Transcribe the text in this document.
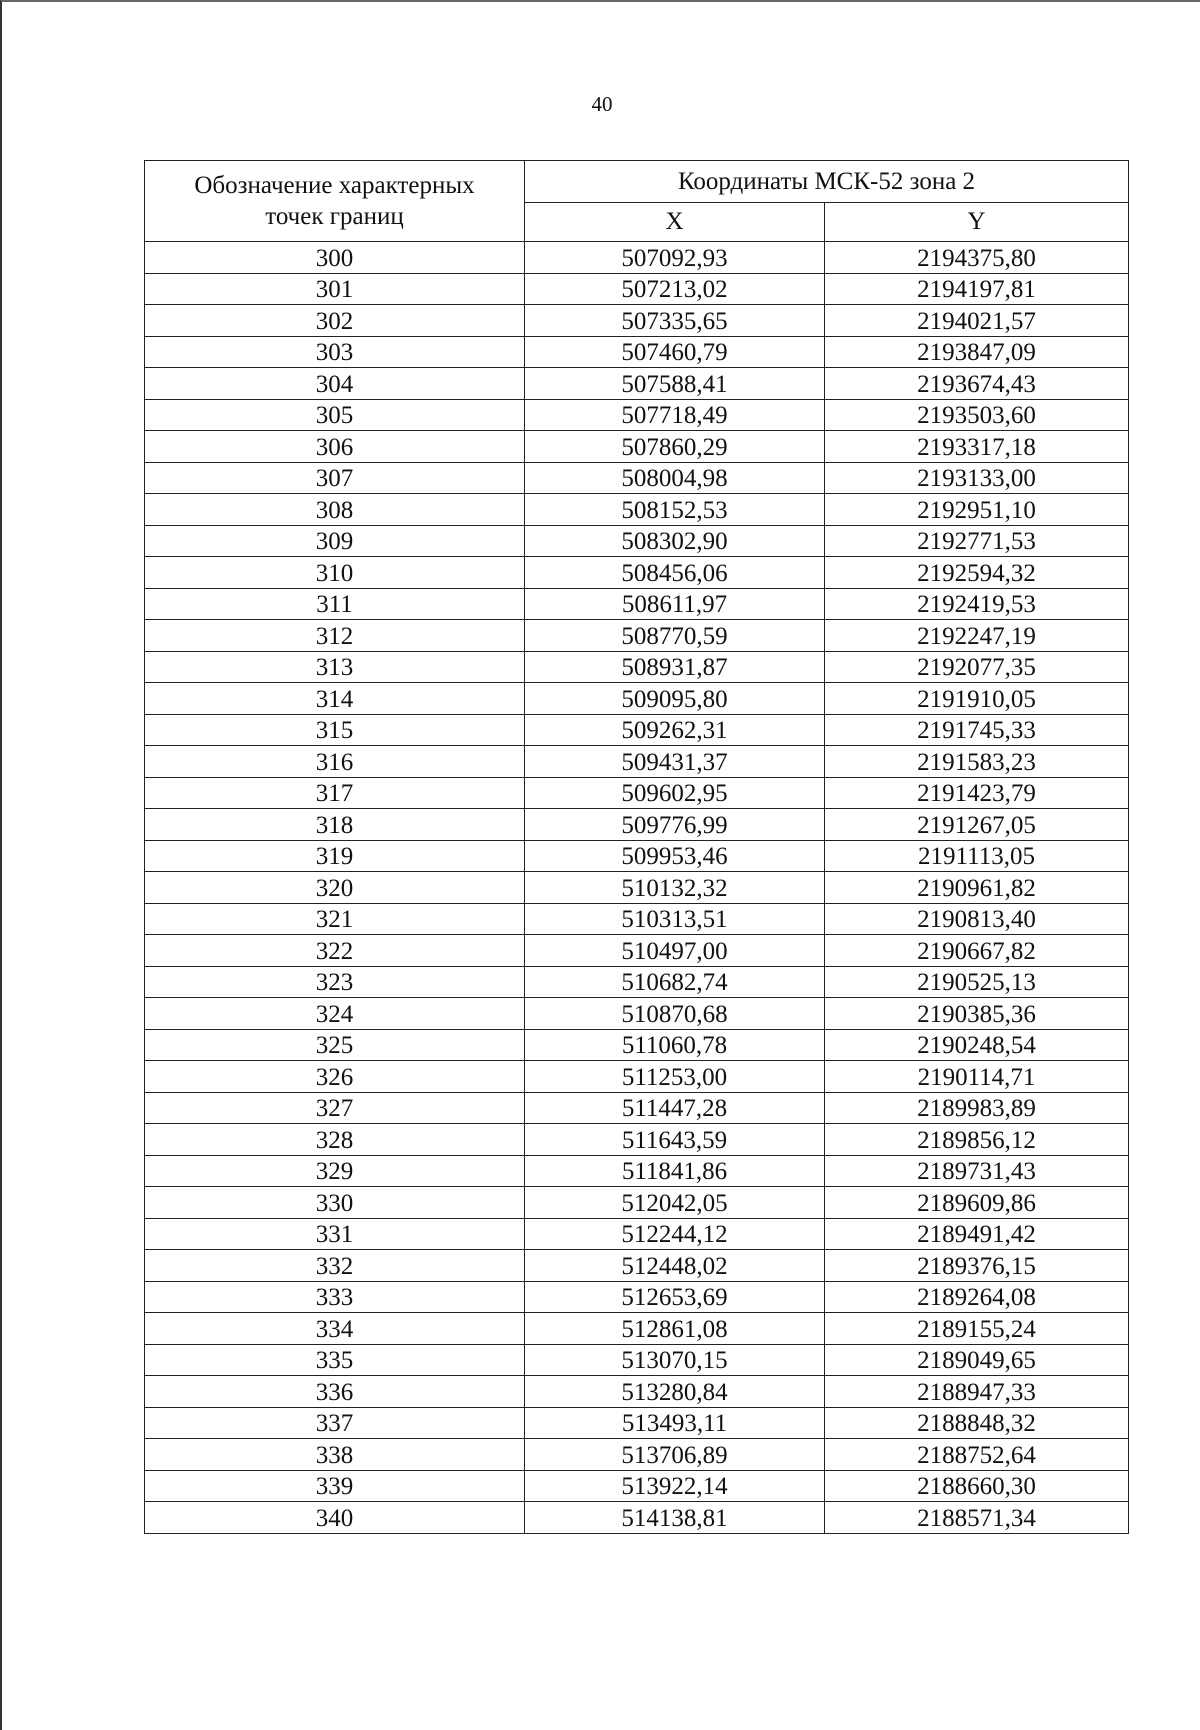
40
Обозначение характерных
точек границ	Координаты МСК-52 зона 2	
	X	Y
300	507092,93	2194375,80
301	507213,02	2194197,81
302	507335,65	2194021,57
303	507460,79	2193847,09
304	507588,41	2193674,43
305	507718,49	2193503,60
306	507860,29	2193317,18
307	508004,98	2193133,00
308	508152,53	2192951,10
309	508302,90	2192771,53
310	508456,06	2192594,32
311	508611,97	2192419,53
312	508770,59	2192247,19
313	508931,87	2192077,35
314	509095,80	2191910,05
315	509262,31	2191745,33
316	509431,37	2191583,23
317	509602,95	2191423,79
318	509776,99	2191267,05
319	509953,46	2191113,05
320	510132,32	2190961,82
321	510313,51	2190813,40
322	510497,00	2190667,82
323	510682,74	2190525,13
324	510870,68	2190385,36
325	511060,78	2190248,54
326	511253,00	2190114,71
327	511447,28	2189983,89
328	511643,59	2189856,12
329	511841,86	2189731,43
330	512042,05	2189609,86
331	512244,12	2189491,42
332	512448,02	2189376,15
333	512653,69	2189264,08
334	512861,08	2189155,24
335	513070,15	2189049,65
336	513280,84	2188947,33
337	513493,11	2188848,32
338	513706,89	2188752,64
339	513922,14	2188660,30
340	514138,81	2188571,34
